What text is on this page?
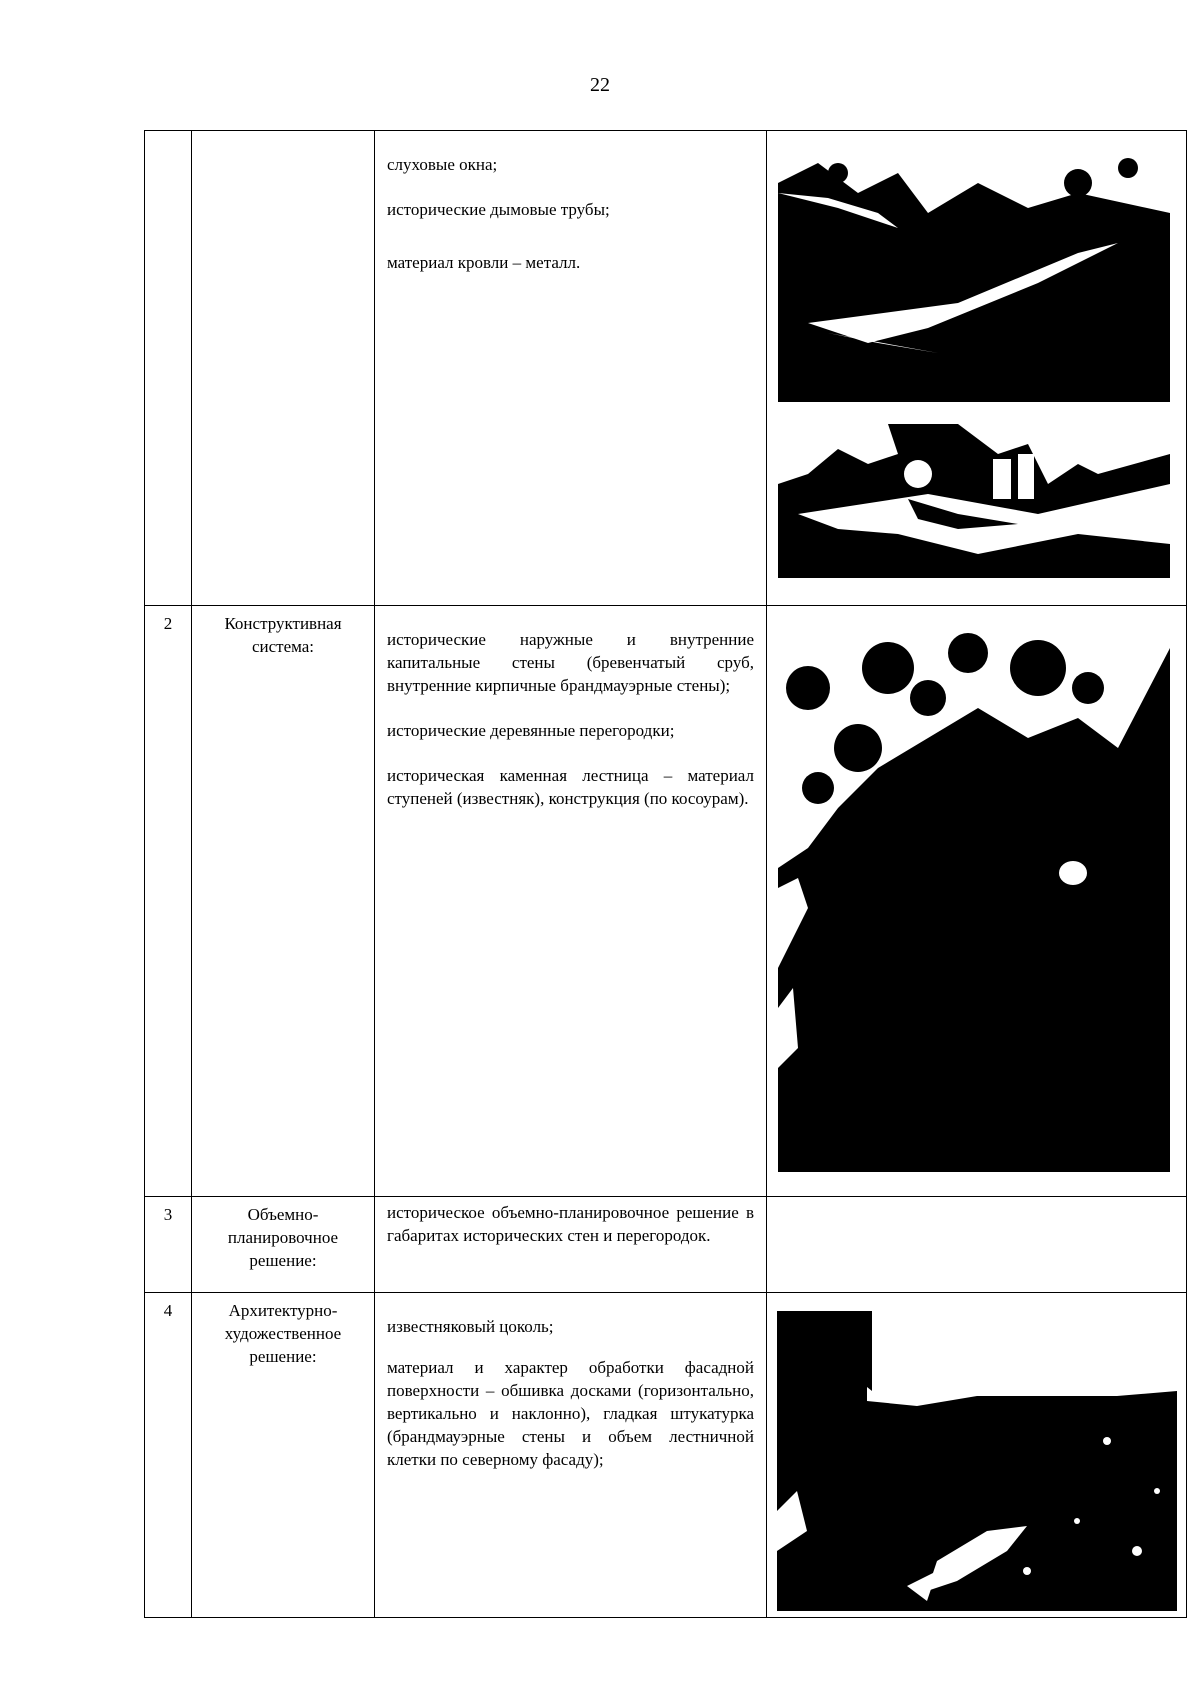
22

		слуховые окна;

исторические дымовые трубы;

материал кровли – металл.

2	Конструктивная система:	исторические наружные и внутренние капитальные стены (бревенчатый сруб, внутренние кирпичные брандмауэрные стены);

исторические деревянные перегородки;

историческая каменная лестница – материал ступеней (известняк), конструкция (по косоурам).

3	Объемно-планировочное решение:	историческое объемно-планировочное решение в габаритах исторических стен и перегородок.	

4	Архитектурно-художественное решение:	известняковый цоколь;

материал и характер обработки фасадной поверхности – обшивка досками (горизонтально, вертикально и наклонно), гладкая штукатурка (брандмауэрные стены и объем лестничной клетки по северному фасаду);
